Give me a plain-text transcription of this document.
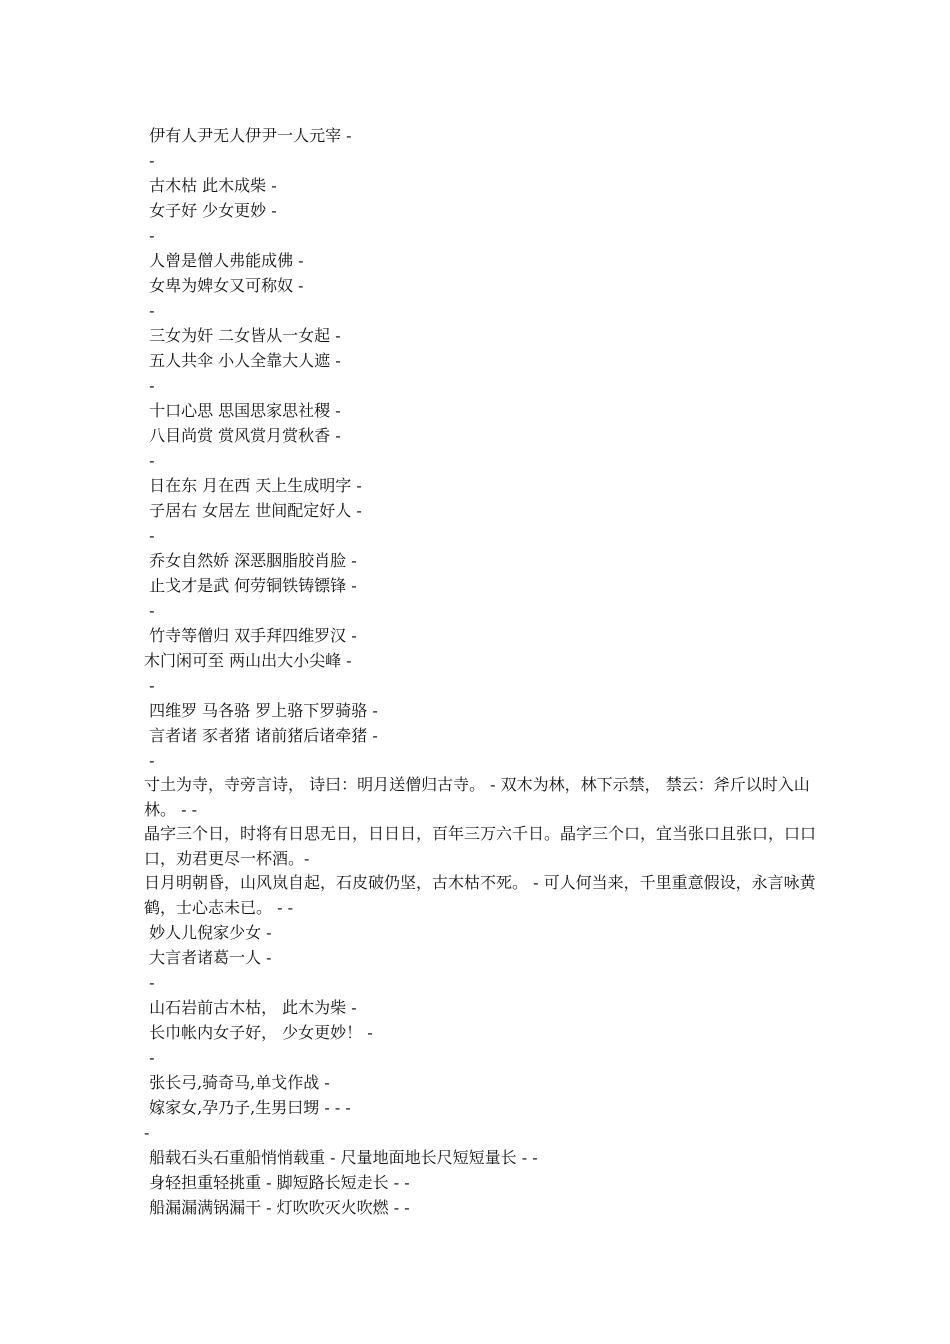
伊有人尹无人伊尹一人元宰 -
-
古木枯 此木成柴 -
女子好 少女更妙 -
-
人曾是僧人弗能成佛 -
女卑为婢女又可称奴 -
-
三女为奸 二女皆从一女起 -
五人共伞 小人全靠大人遮 -
-
十口心思 思国思家思社稷 -
八目尚赏 赏风赏月赏秋香 -
-
日在东 月在西 天上生成明字 -
子居右 女居左 世间配定好人 -
-
乔女自然娇 深恶胭脂胶肖脸 -
止戈才是武 何劳铜铁铸镖锋 -
-
竹寺等僧归 双手拜四维罗汉 -
木门闲可至 两山出大小尖峰 -
-
四维罗 马各骆 罗上骆下罗骑骆 -
言者诸 豕者猪 诸前猪后诸牵猪 -
-
寸土为寺，寺旁言诗， 诗曰：明月送僧归古寺。 - 双木为林，林下示禁， 禁云：斧斤以时入山林。 - -
晶字三个日，时将有日思无日，日日日，百年三万六千日。晶字三个口，宜当张口且张口，口口口，劝君更尽一杯酒。-
日月明朝昏，山风岚自起，石皮破仍坚，古木枯不死。 - 可人何当来，千里重意假设，永言咏黄鹤，士心志未已。 - -
妙人儿倪家少女 -
大言者诸葛一人 -
-
山石岩前古木枯， 此木为柴 -
长巾帐内女子好， 少女更妙！ -
-
张长弓,骑奇马,单戈作战 -
嫁家女,孕乃子,生男曰甥 - - -
-
船载石头石重船悄悄载重 - 尺量地面地长尺短短量长 - -
身轻担重轻挑重 - 脚短路长短走长 - -
船漏漏满锅漏干 - 灯吹吹灭火吹燃 - -
